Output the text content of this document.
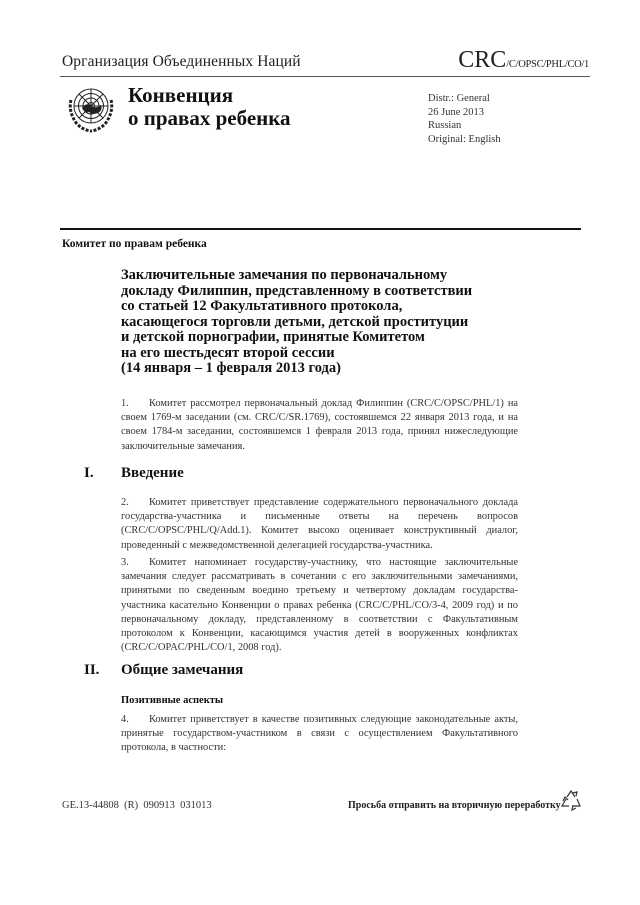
Организация Объединенных Наций	CRC/C/OPSC/PHL/CO/1
Конвенция
о правах ребенка
Distr.: General
26 June 2013
Russian
Original: English
Комитет по правам ребенка
Заключительные замечания по первоначальному
докладу Филиппин, представленному в соответствии
со статьей 12 Факультативного протокола,
касающегося торговли детьми, детской проституции
и детской порнографии, принятые Комитетом
на его шестьдесят второй сессии
(14 января – 1 февраля 2013 года)
1. Комитет рассмотрел первоначальный доклад Филиппин (CRC/C/OPSC/PHL/1) на своем 1769-м заседании (см. CRC/C/SR.1769), состоявшемся 22 января 2013 года, и на своем 1784-м заседании, состоявшемся 1 февраля 2013 года, принял нижеследующие заключительные замечания.
I. Введение
2. Комитет приветствует представление содержательного первоначального доклада государства-участника и письменные ответы на перечень вопросов (CRC/C/OPSC/PHL/Q/Add.1). Комитет высоко оценивает конструктивный диалог, проведенный с межведомственной делегацией государства-участника.
3. Комитет напоминает государству-участнику, что настоящие заключительные замечания следует рассматривать в сочетании с его заключительными замечаниями, принятыми по сведенным воедино третьему и четвертому докладам государства-участника касательно Конвенции о правах ребенка (CRC/C/PHL/CO/3-4, 2009 год) и по первоначальному докладу, представленному в соответствии с Факультативным протоколом к Конвенции, касающимся участия детей в вооруженных конфликтах (CRC/C/OPAC/PHL/CO/1, 2008 год).
II. Общие замечания
Позитивные аспекты
4. Комитет приветствует в качестве позитивных следующие законодательные акты, принятые государством-участником в связи с осуществлением Факультативного протокола, в частности:
GE.13-44808  (R)  090913  031013	Просьба отправить на вторичную переработку
